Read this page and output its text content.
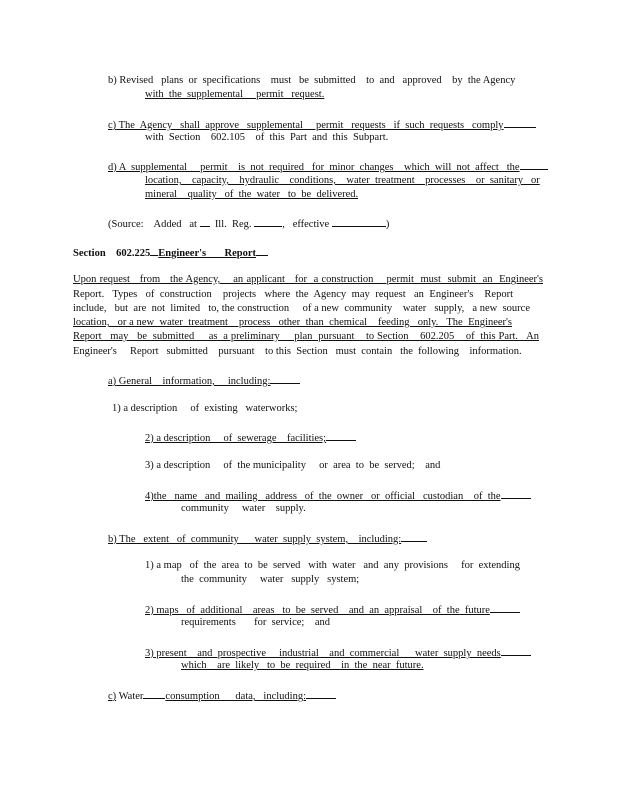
b) Revised   plans  or  specifications    must   be  submitted    to  and   approved    by  the Agency
with  the  supplemental     permit   request.
c) The  Agency   shall  approve   supplemental     permit   requests   if  such  requests   comply
with  Section    602.105    of  this  Part  and  this  Subpart.
d) A  supplemental     permit    is  not  required   for  minor  changes    which  will  not  affect   the
location,    capacity,    hydraulic    conditions,    water  treatment    processes    or  sanitary   or
mineral    quality   of  the  water   to  be  delivered.
(Source:    Added   at   Ill.  Reg.	,   effective	)
Section    602.225 Engineer's       Report
Upon request   from   the Agency,    an applicant   for  a construction    permit  must  submit  an  Engineer's
Report.   Types   of  construction    projects   where  the  Agency  may  request   an  Engineer's    Report
include,   but  are  not  limited   to, the construction     of a new  community    water   supply,   a new  source
location,   or a new  water  treatment    process   other  than  chemical    feeding   only.   The  Engineer's
Report   may   be  submitted     as  a preliminary     plan  pursuant    to Section    602.205    of  this Part.   An
Engineer's     Report   submitted    pursuant    to this  Section   must  contain   the  following    information.
a) General    information,     including:
1) a description     of  existing   waterworks;
2) a description     of  sewerage    facilities;
3) a description     of  the municipality     or  area  to  be  served;    and
4)the   name   and  mailing   address   of  the  owner   or  official   custodian    of  the
community     water    supply.
b) The   extent   of  community      water  supply  system,    including:
1) a map   of  the  area  to  be  served   with  water   and  any  provisions     for  extending
the  community     water   supply   system;
2) maps   of  additional    areas   to  be  served    and  an  appraisal    of  the  future
requirements       for  service;    and
3) present    and  prospective     industrial    and  commercial      water  supply  needs
which    are  likely   to  be  required    in  the  near  future.
c) Water consumption      data,   including:
